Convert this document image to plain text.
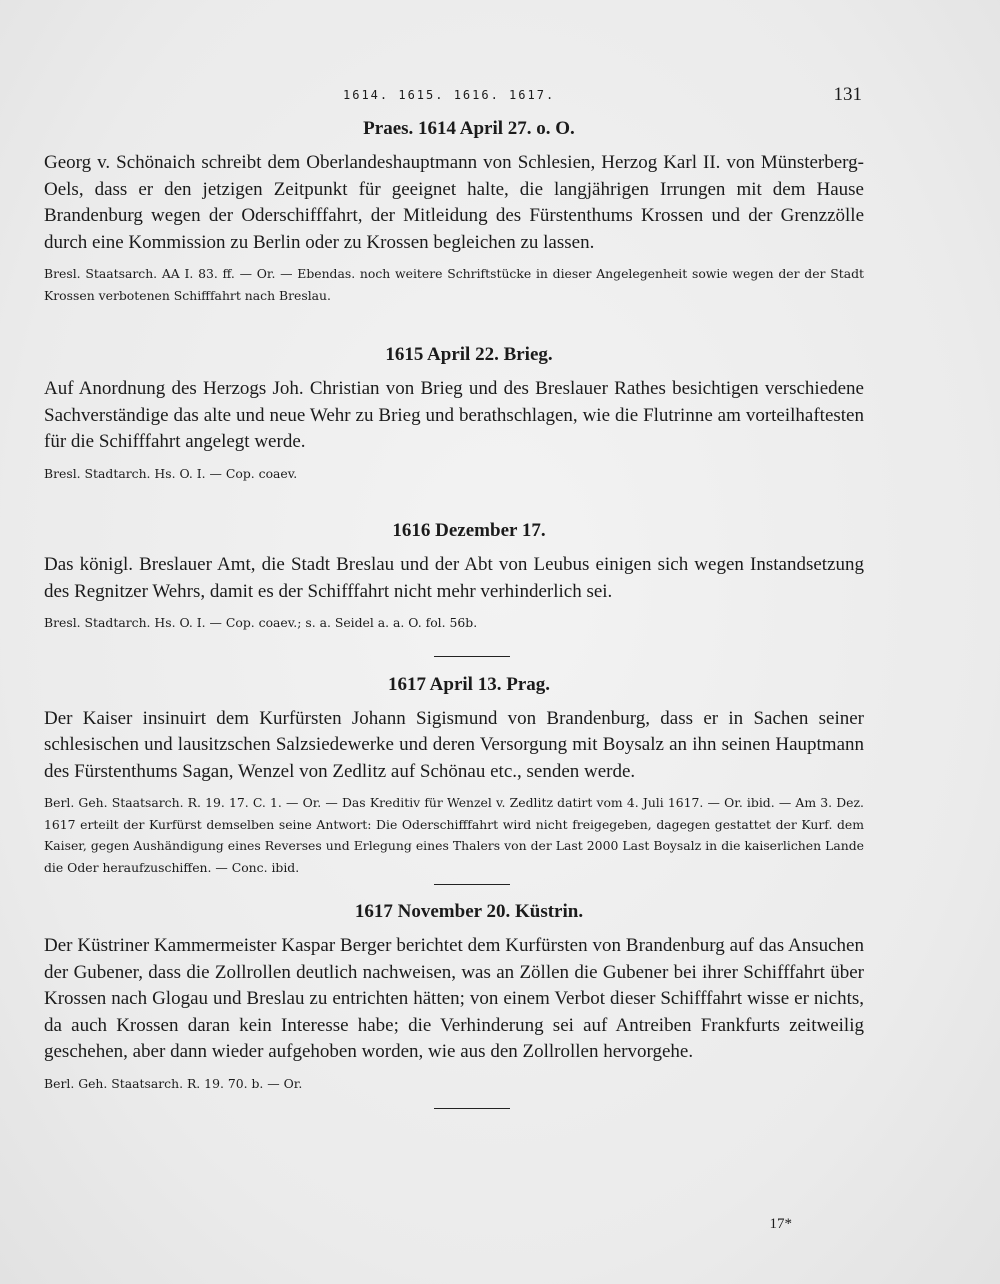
1614. 1615. 1616. 1617.	131
Praes. 1614 April 27. o. O.

Georg v. Schönaich schreibt dem Oberlandeshauptmann von Schlesien, Herzog Karl II. von Münsterberg-Oels, dass er den jetzigen Zeitpunkt für geeignet halte, die langjährigen Irrungen mit dem Hause Brandenburg wegen der Oderschifffahrt, der Mitleidung des Fürstenthums Krossen und der Grenzzölle durch eine Kommission zu Berlin oder zu Krossen begleichen zu lassen.

Bresl. Staatsarch. AA I. 83. ff. — Or. — Ebendas. noch weitere Schriftstücke in dieser Angelegenheit sowie wegen der der Stadt Krossen verbotenen Schifffahrt nach Breslau.

1615 April 22. Brieg.

Auf Anordnung des Herzogs Joh. Christian von Brieg und des Breslauer Rathes besichtigen verschiedene Sachverständige das alte und neue Wehr zu Brieg und berathschlagen, wie die Flutrinne am vorteilhaftesten für die Schifffahrt angelegt werde.

Bresl. Stadtarch. Hs. O. I. — Cop. coaev.

1616 Dezember 17.

Das königl. Breslauer Amt, die Stadt Breslau und der Abt von Leubus einigen sich wegen Instandsetzung des Regnitzer Wehrs, damit es der Schifffahrt nicht mehr verhinderlich sei.

Bresl. Stadtarch. Hs. O. I. — Cop. coaev.; s. a. Seidel a. a. O. fol. 56b.

1617 April 13. Prag.

Der Kaiser insinuirt dem Kurfürsten Johann Sigismund von Brandenburg, dass er in Sachen seiner schlesischen und lausitzschen Salzsiedewerke und deren Versorgung mit Boysalz an ihn seinen Hauptmann des Fürstenthums Sagan, Wenzel von Zedlitz auf Schönau etc., senden werde.

Berl. Geh. Staatsarch. R. 19. 17. C. 1. — Or. — Das Kreditiv für Wenzel v. Zedlitz datirt vom 4. Juli 1617. — Or. ibid. — Am 3. Dez. 1617 erteilt der Kurfürst demselben seine Antwort: Die Oderschifffahrt wird nicht freigegeben, dagegen gestattet der Kurf. dem Kaiser, gegen Aushändigung eines Reverses und Erlegung eines Thalers von der Last 2000 Last Boysalz in die kaiserlichen Lande die Oder heraufzuschiffen. — Conc. ibid.

1617 November 20. Küstrin.

Der Küstriner Kammermeister Kaspar Berger berichtet dem Kurfürsten von Brandenburg auf das Ansuchen der Gubener, dass die Zollrollen deutlich nachweisen, was an Zöllen die Gubener bei ihrer Schifffahrt über Krossen nach Glogau und Breslau zu entrichten hätten; von einem Verbot dieser Schifffahrt wisse er nichts, da auch Krossen daran kein Interesse habe; die Verhinderung sei auf Antreiben Frankfurts zeitweilig geschehen, aber dann wieder aufgehoben worden, wie aus den Zollrollen hervorgehe.

Berl. Geh. Staatsarch. R. 19. 70. b. — Or.

17*
